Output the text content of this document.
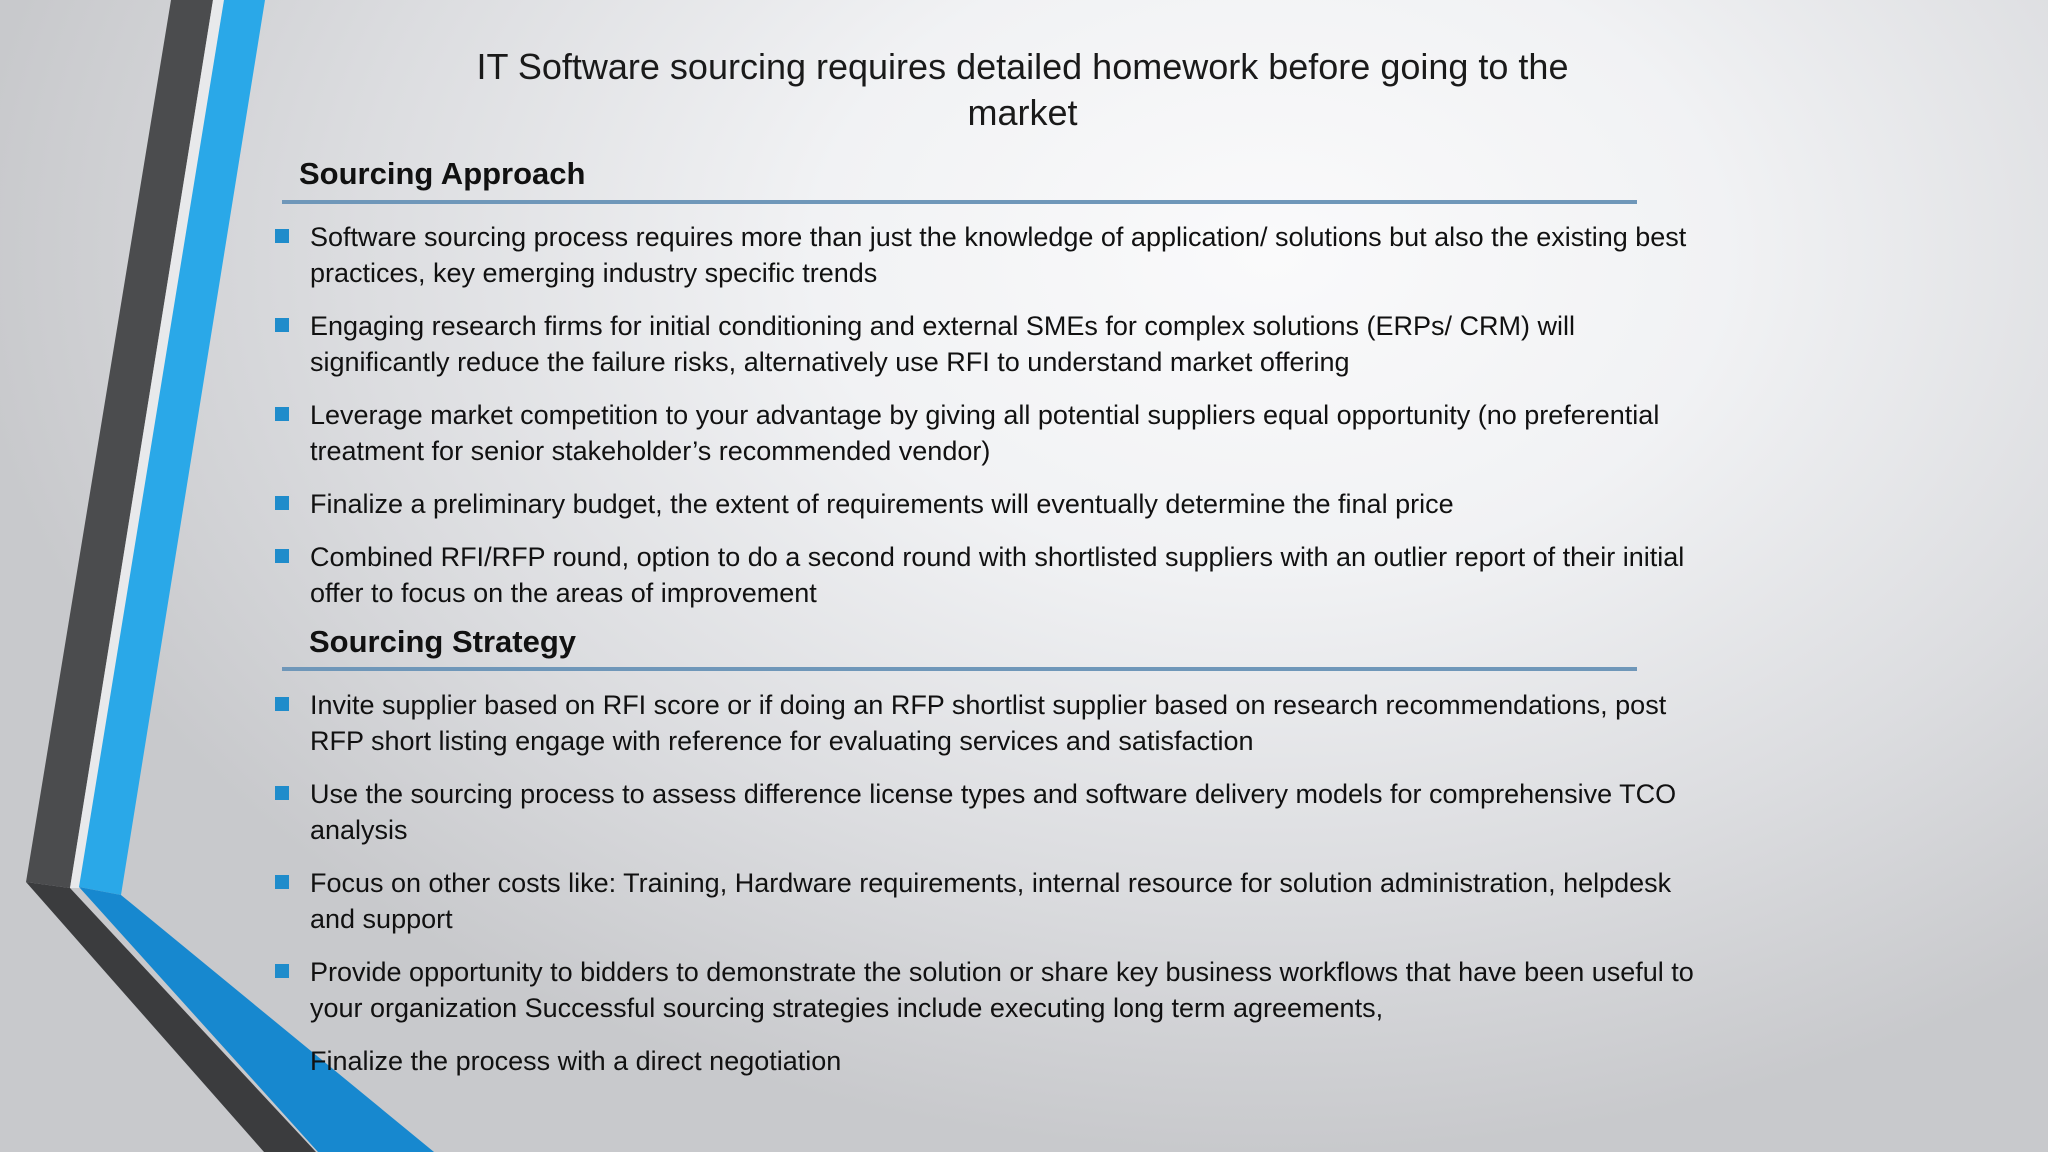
IT Software sourcing requires detailed homework before going to the market
Sourcing Approach
Software sourcing process requires more than just the knowledge of application/ solutions but also the existing best practices, key emerging industry specific trends
Engaging research firms for initial conditioning and external SMEs for complex solutions (ERPs/ CRM) will significantly reduce the failure risks, alternatively use RFI to understand market offering
Leverage market competition to your advantage by giving all potential suppliers equal opportunity (no preferential treatment for senior stakeholder’s recommended vendor)
Finalize a preliminary budget, the extent of requirements will eventually determine the final price
Combined RFI/RFP round, option to do a second round with shortlisted suppliers with an outlier report of their initial offer to focus on the areas of improvement
Sourcing Strategy
Invite supplier based on RFI score or if doing an RFP shortlist supplier based on research recommendations, post RFP short listing engage with reference for evaluating services and satisfaction
Use the sourcing process to assess difference license types and software delivery models for comprehensive TCO analysis
Focus on other costs like: Training, Hardware requirements, internal resource for solution administration, helpdesk and support
Provide opportunity to bidders to demonstrate the solution or share key business workflows that have been useful to your organization Successful sourcing strategies include executing long term agreements,
Finalize the process with a direct negotiation
